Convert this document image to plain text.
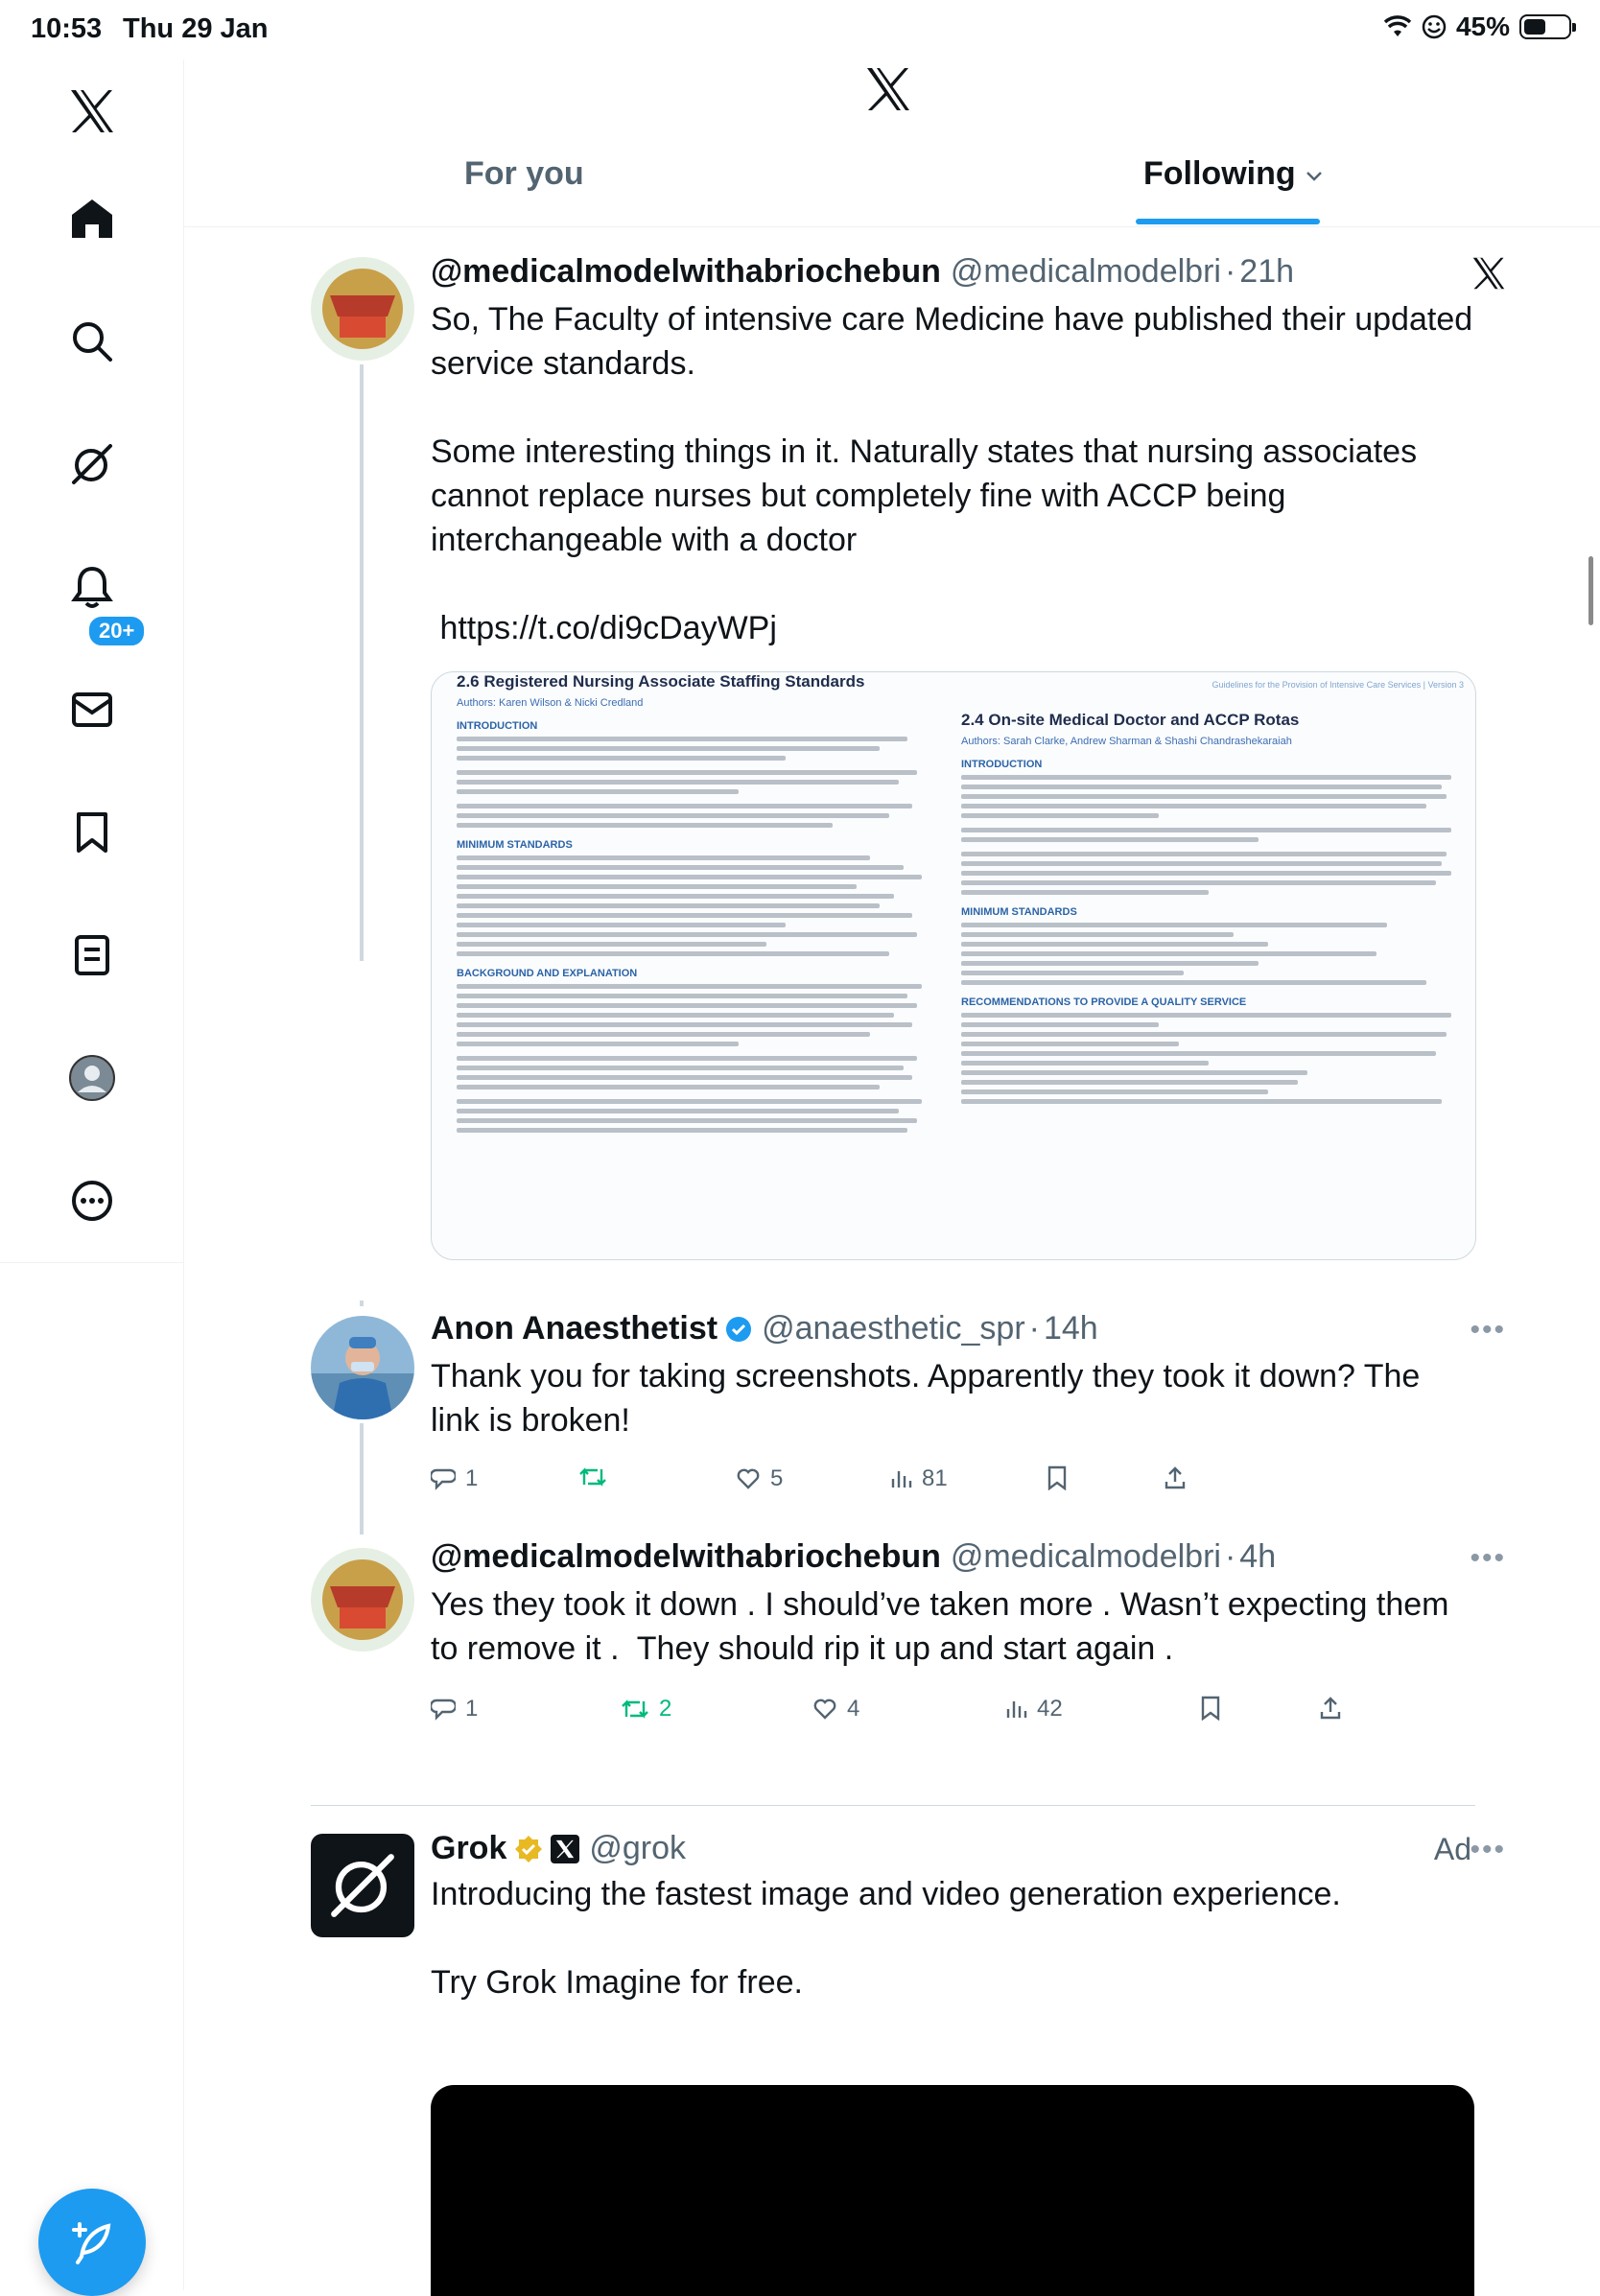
10:53 Thu 29 Jan	45%
20+
For you	Following
@medicalmodelwithabriochebun @medicalmodelbri · 21h
So, The Faculty of intensive care Medicine have published their updated service standards.

Some interesting things in it. Naturally states that nursing associates cannot replace nurses but completely fine with ACCP being interchangeable with a doctor

https://t.co/di9cDayWPj
Guidelines for the Provision of Intensive Care Services | Version 3
2.6 Registered Nursing Associate Staffing Standards
Authors: Karen Wilson & Nicki Credland
INTRODUCTION
MINIMUM STANDARDS
BACKGROUND AND EXPLANATION
2.4 On-site Medical Doctor and ACCP Rotas
Authors: Sarah Clarke, Andrew Sharman & Shashi Chandrashekaraiah
INTRODUCTION
MINIMUM STANDARDS
RECOMMENDATIONS TO PROVIDE A QUALITY SERVICE
Anon Anaesthetist @anaesthetic_spr · 14h	•••
Thank you for taking screenshots. Apparently they took it down? The link is broken!
1	5	81
@medicalmodelwithabriochebun @medicalmodelbri · 4h	•••
Yes they took it down . I should’ve taken more . Wasn’t expecting them to remove it .  They should rip it up and start again .
1	2	4	42
Grok	@grok	Ad
•••
Introducing the fastest image and video generation experience.

Try Grok Imagine for free.
